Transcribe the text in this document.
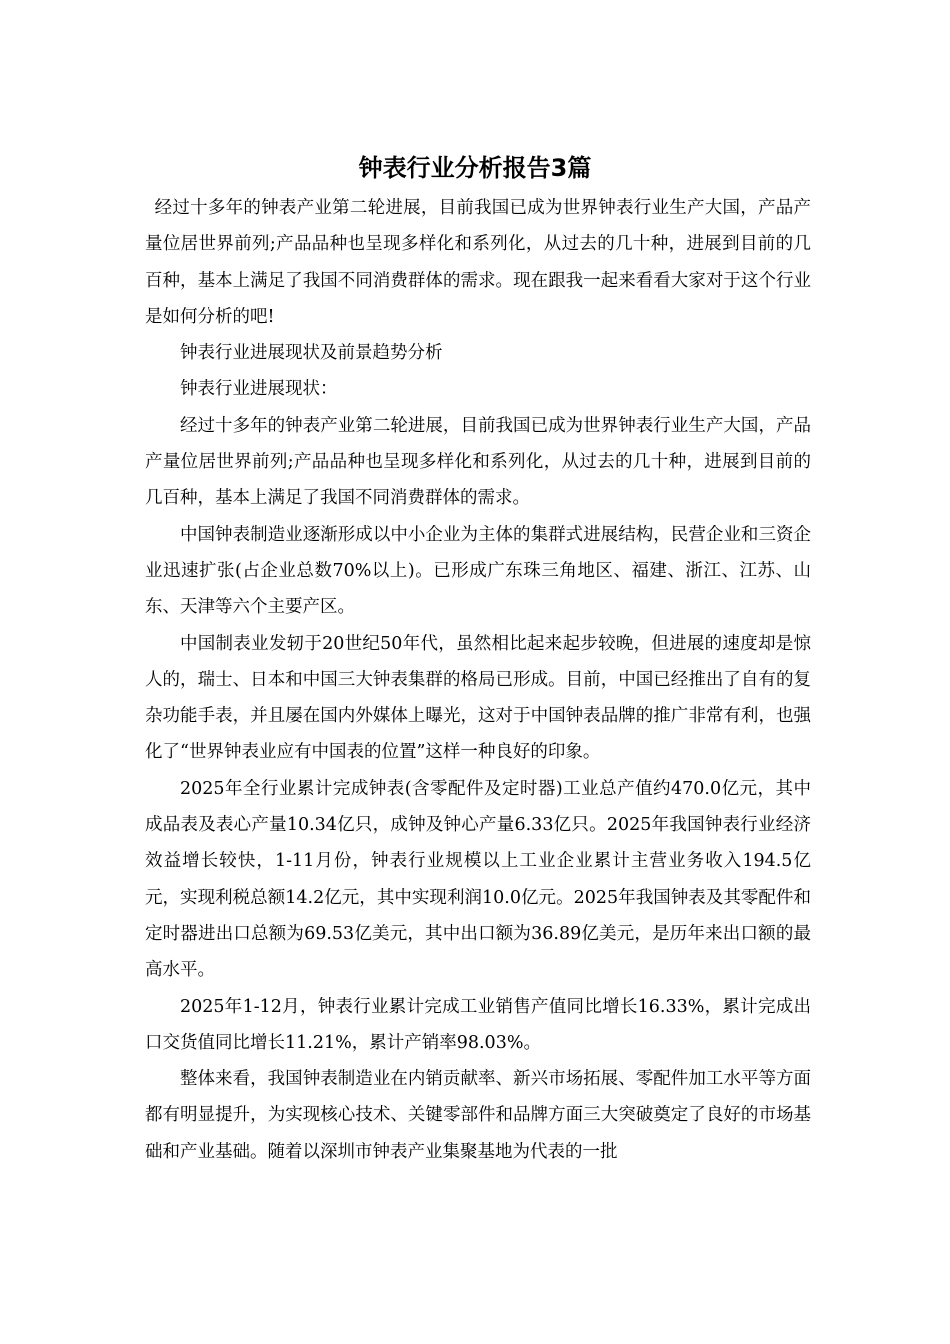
钟表行业分析报告3篇

经过十多年的钟表产业第二轮进展，目前我国已成为世界钟表行业生产大国，产品产量位居世界前列;产品品种也呈现多样化和系列化，从过去的几十种，进展到目前的几百种，基本上满足了我国不同消费群体的需求。现在跟我一起来看看大家对于这个行业是如何分析的吧!

钟表行业进展现状及前景趋势分析

钟表行业进展现状：

经过十多年的钟表产业第二轮进展，目前我国已成为世界钟表行业生产大国，产品产量位居世界前列;产品品种也呈现多样化和系列化，从过去的几十种，进展到目前的几百种，基本上满足了我国不同消费群体的需求。

中国钟表制造业逐渐形成以中小企业为主体的集群式进展结构，民营企业和三资企业迅速扩张(占企业总数70%以上)。已形成广东珠三角地区、福建、浙江、江苏、山东、天津等六个主要产区。

中国制表业发轫于20世纪50年代，虽然相比起来起步较晚，但进展的速度却是惊人的，瑞士、日本和中国三大钟表集群的格局已形成。目前，中国已经推出了自有的复杂功能手表，并且屡在国内外媒体上曝光，这对于中国钟表品牌的推广非常有利，也强化了“世界钟表业应有中国表的位置”这样一种良好的印象。

2025年全行业累计完成钟表(含零配件及定时器)工业总产值约470.0亿元，其中成品表及表心产量10.34亿只，成钟及钟心产量6.33亿只。2025年我国钟表行业经济效益增长较快，1-11月份，钟表行业规模以上工业企业累计主营业务收入194.5亿元，实现利税总额14.2亿元，其中实现利润10.0亿元。2025年我国钟表及其零配件和定时器进出口总额为69.53亿美元，其中出口额为36.89亿美元，是历年来出口额的最高水平。

2025年1-12月，钟表行业累计完成工业销售产值同比增长16.33%，累计完成出口交货值同比增长11.21%，累计产销率98.03%。

整体来看，我国钟表制造业在内销贡献率、新兴市场拓展、零配件加工水平等方面都有明显提升，为实现核心技术、关键零部件和品牌方面三大突破奠定了良好的市场基础和产业基础。随着以深圳市钟表产业集聚基地为代表的一批
